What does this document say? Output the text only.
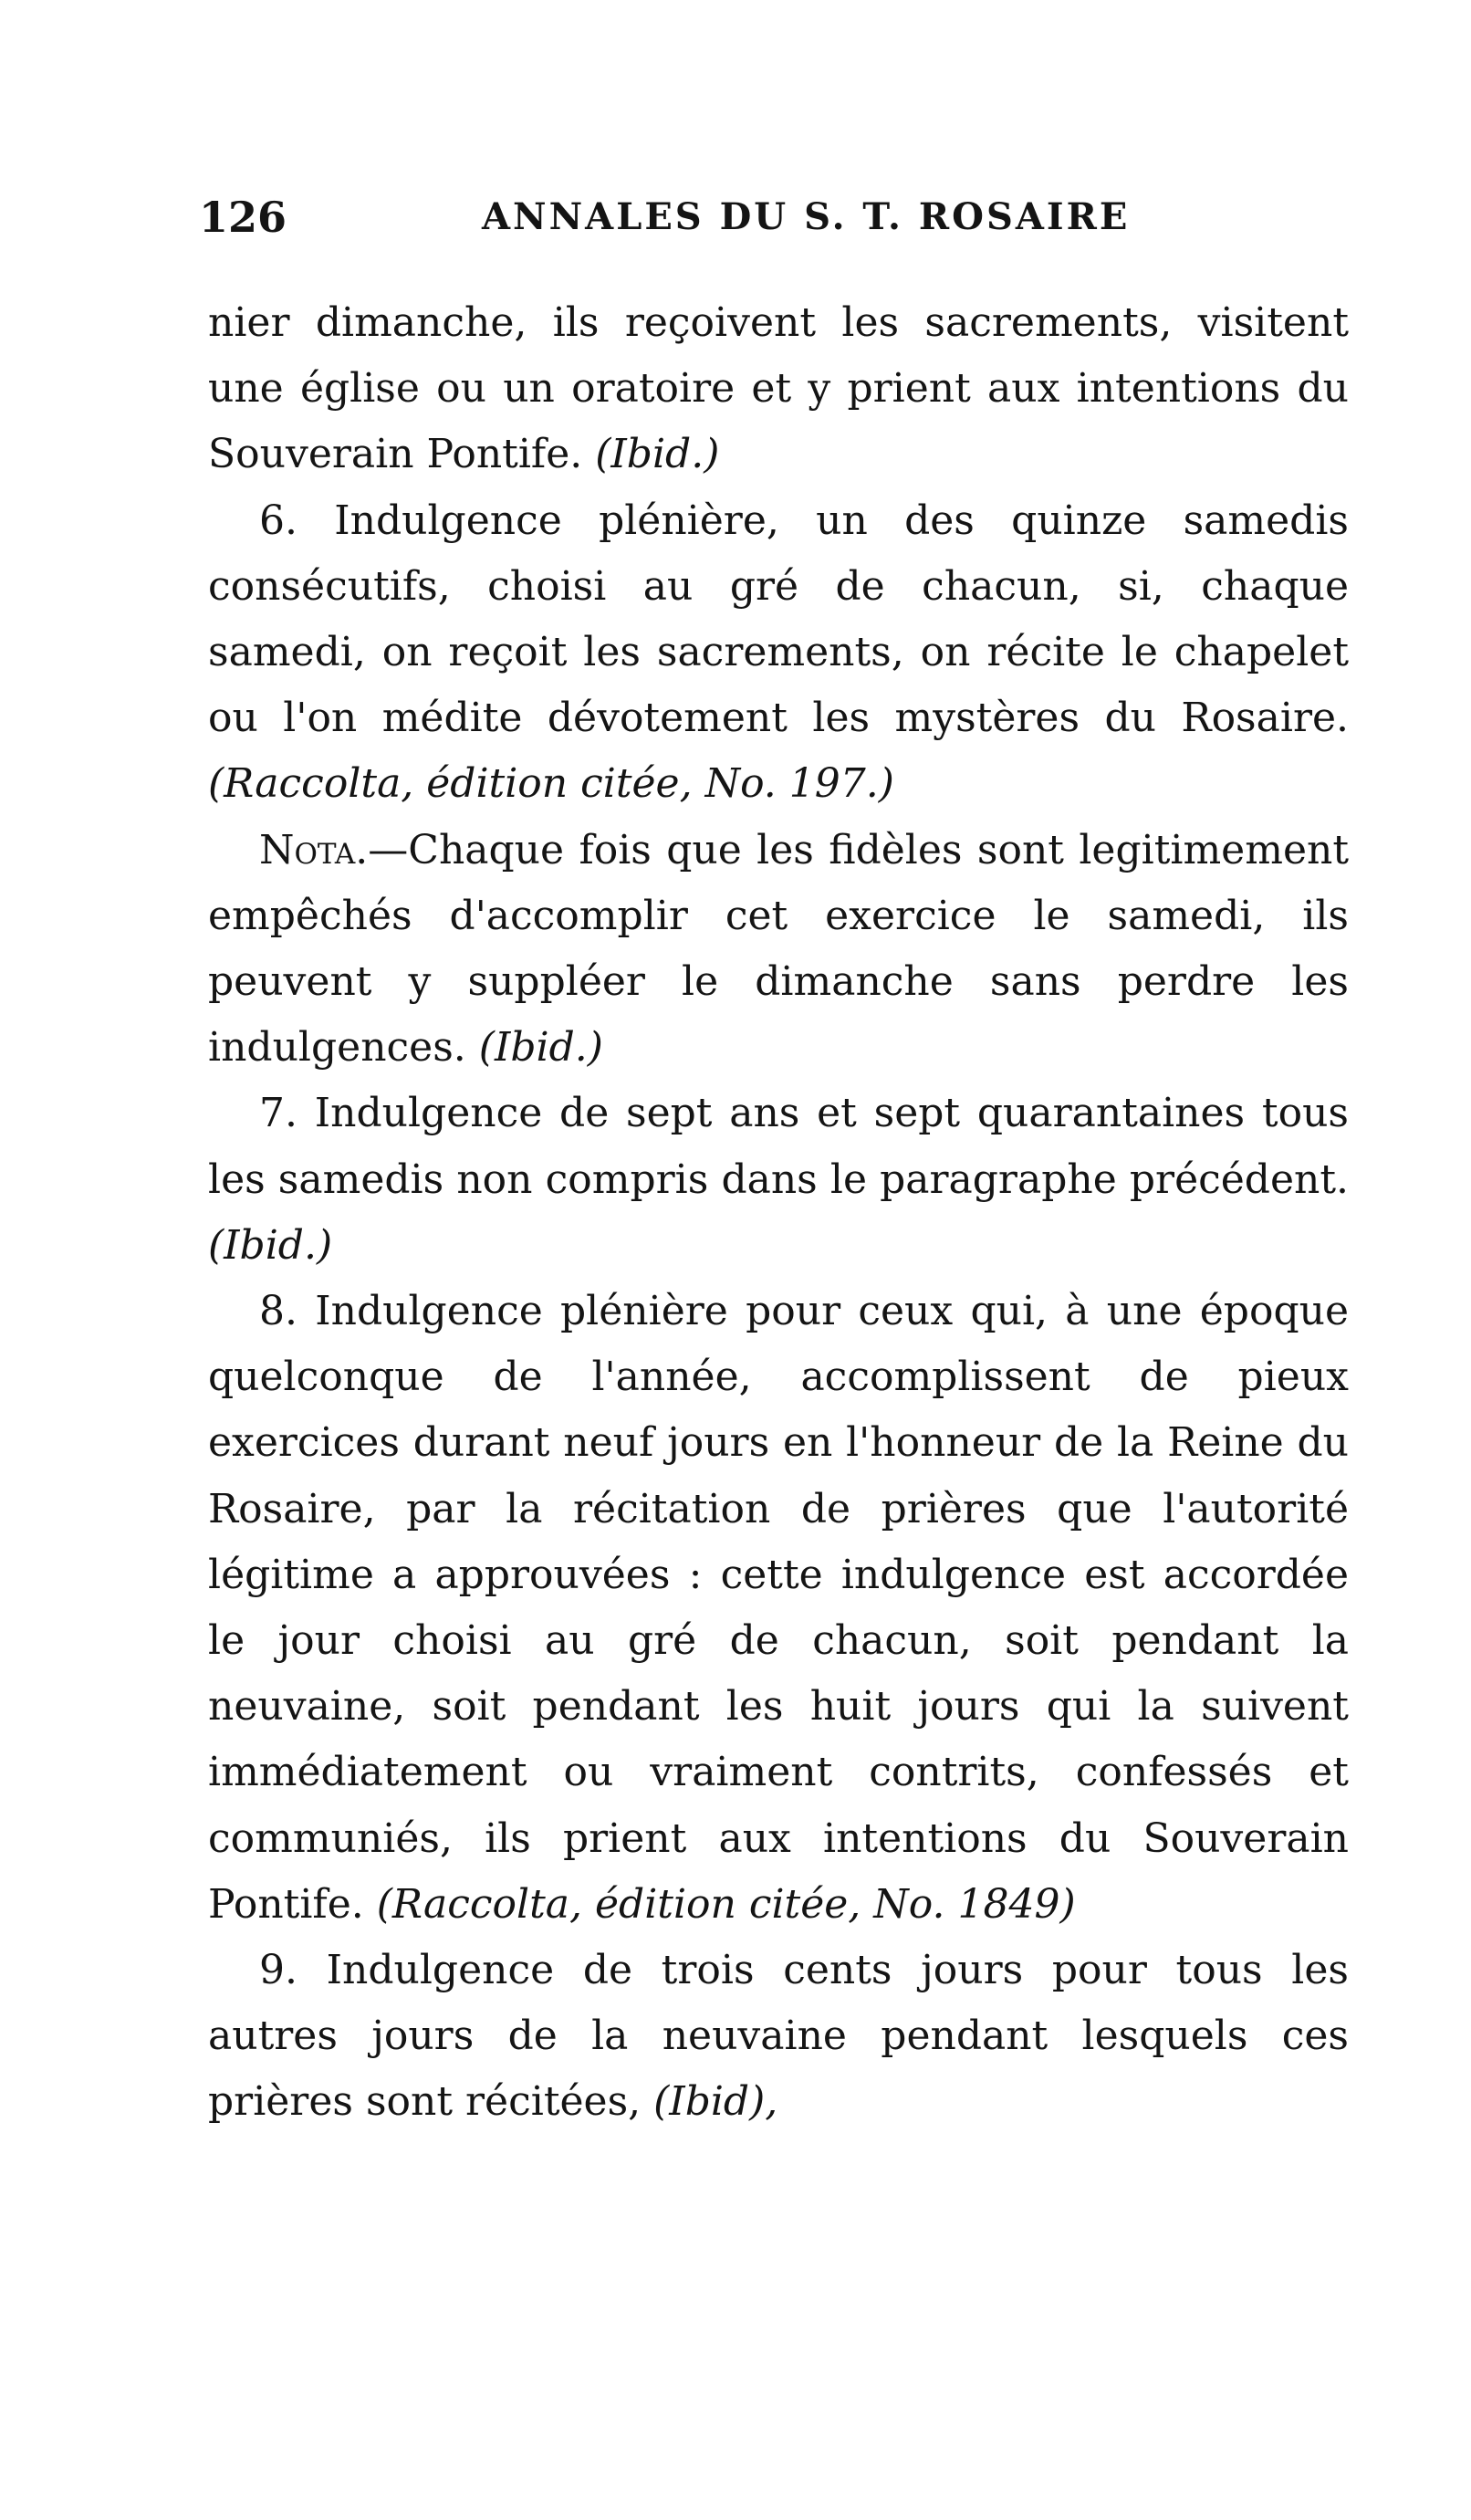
126	ANNALES DU S. T. ROSAIRE

nier dimanche, ils reçoivent les sacrements, visitent une église ou un oratoire et y prient aux intentions du Souverain Pontife. (Ibid.)

6. Indulgence plénière, un des quinze samedis consécutifs, choisi au gré de chacun, si, chaque samedi, on reçoit les sacrements, on récite le chapelet ou l'on médite dévotement les mystères du Rosaire. (Raccolta, édition citée, No. 197.)

Nota.—Chaque fois que les fidèles sont legitimement empêchés d'accomplir cet exercice le samedi, ils peuvent y suppléer le dimanche sans perdre les indulgences. (Ibid.)

7. Indulgence de sept ans et sept quarantaines tous les samedis non compris dans le paragraphe précédent. (Ibid.)

8. Indulgence plénière pour ceux qui, à une époque quelconque de l'année, accomplissent de pieux exercices durant neuf jours en l'honneur de la Reine du Rosaire, par la récitation de prières que l'autorité légitime a approuvées : cette indulgence est accordée le jour choisi au gré de chacun, soit pendant la neuvaine, soit pendant les huit jours qui la suivent immédiatement ou vraiment contrits, confessés et communiés, ils prient aux intentions du Souverain Pontife. (Raccolta, édition citée, No. 1849)

9. Indulgence de trois cents jours pour tous les autres jours de la neuvaine pendant lesquels ces prières sont récitées, (Ibid),
